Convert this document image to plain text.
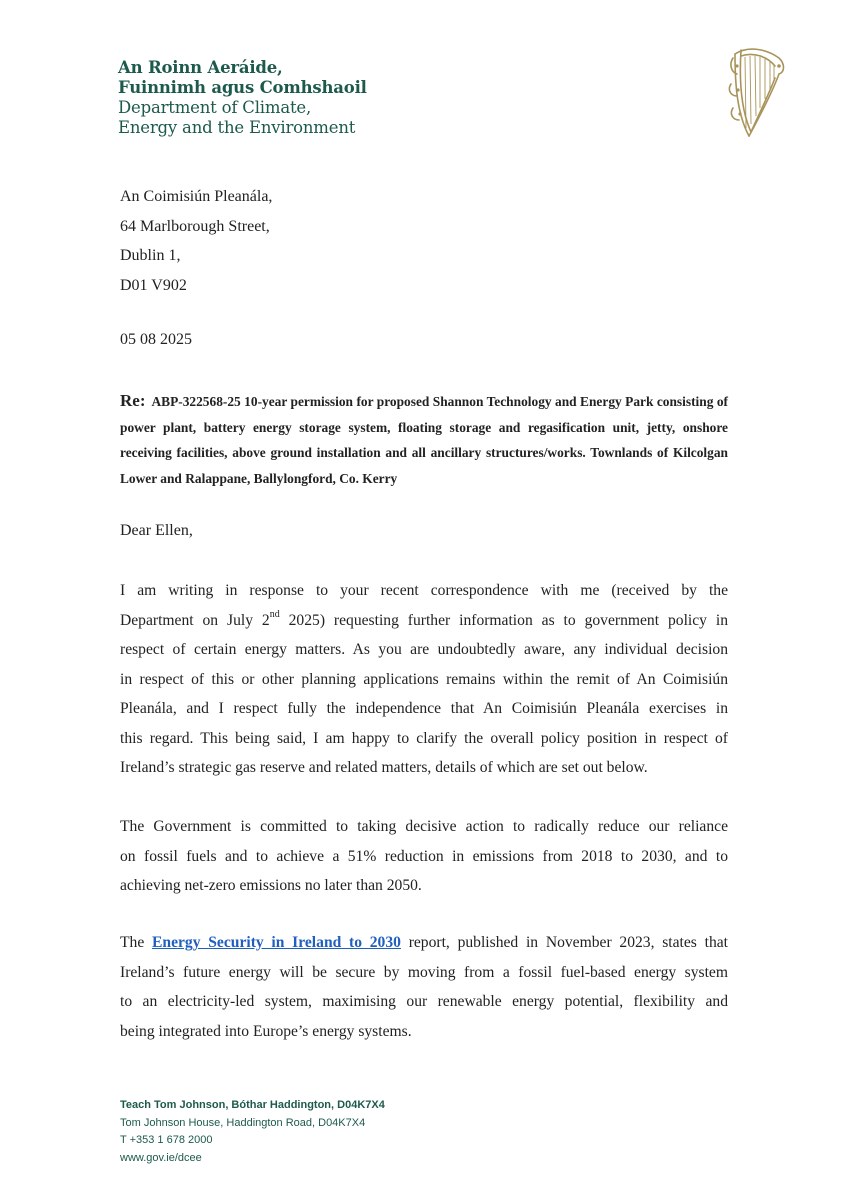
An Roinn Aeráide,
Fuinnimh agus Comhshaoil
Department of Climate,
Energy and the Environment
An Coimisiún Pleanála,
64 Marlborough Street,
Dublin 1,
D01 V902
05 08 2025
Re: ABP-322568-25 10-year permission for proposed Shannon Technology and Energy Park consisting of power plant, battery energy storage system, floating storage and regasification unit, jetty, onshore receiving facilities, above ground installation and all ancillary structures/works. Townlands of Kilcolgan Lower and Ralappane, Ballylongford, Co. Kerry
Dear Ellen,
I am writing in response to your recent correspondence with me (received by the
Department on July 2nd 2025) requesting further information as to government policy in
respect of certain energy matters. As you are undoubtedly aware, any individual decision
in respect of this or other planning applications remains within the remit of An Coimisiún
Pleanála, and I respect fully the independence that An Coimisiún Pleanála exercises in
this regard. This being said, I am happy to clarify the overall policy position in respect of
Ireland’s strategic gas reserve and related matters, details of which are set out below.
The Government is committed to taking decisive action to radically reduce our reliance
on fossil fuels and to achieve a 51% reduction in emissions from 2018 to 2030, and to
achieving net-zero emissions no later than 2050.
The Energy Security in Ireland to 2030 report, published in November 2023, states that
Ireland’s future energy will be secure by moving from a fossil fuel-based energy system
to an electricity-led system, maximising our renewable energy potential, flexibility and
being integrated into Europe’s energy systems.
Teach Tom Johnson, Bóthar Haddington, D04K7X4
Tom Johnson House, Haddington Road, D04K7X4
T +353 1 678 2000
www.gov.ie/dcee
